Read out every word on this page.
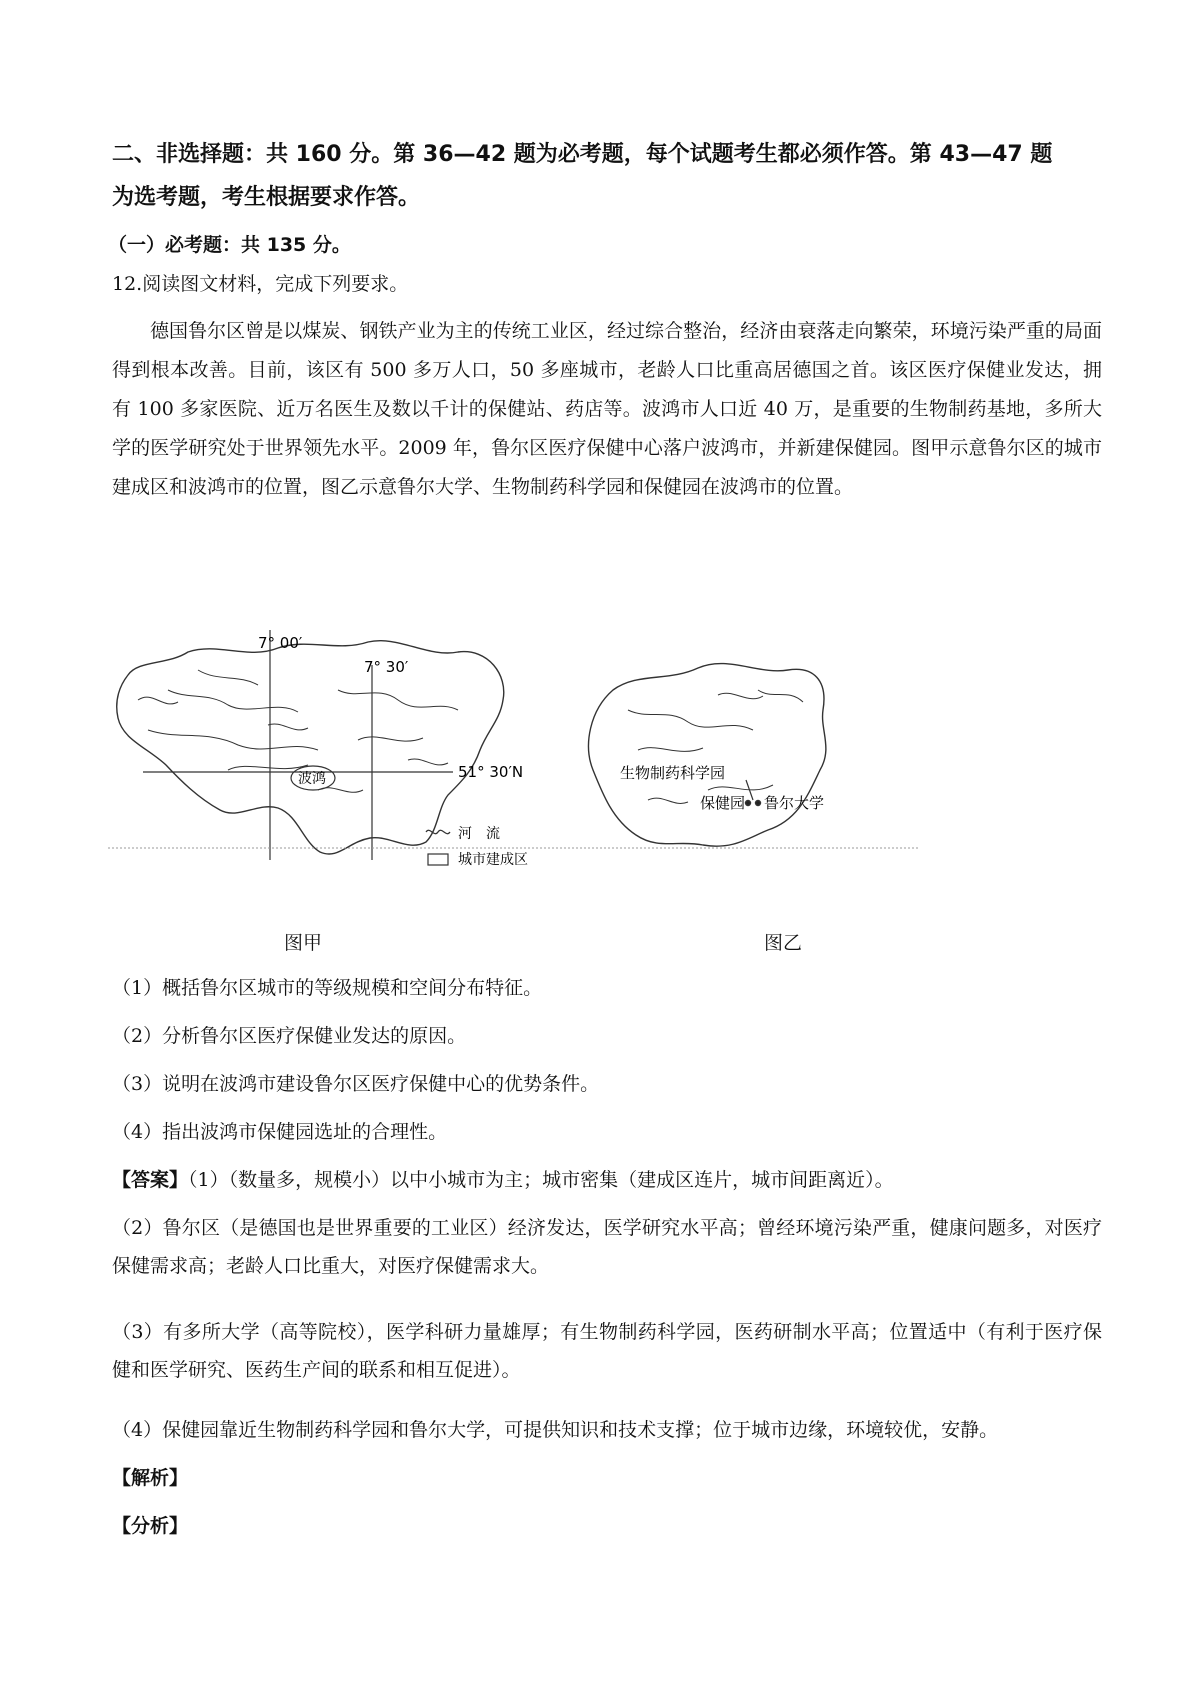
二、非选择题：共 160 分。第 36—42 题为必考题，每个试题考生都必须作答。第 43—47 题
为选考题，考生根据要求作答。
（一）必考题：共 135 分。
12.阅读图文材料，完成下列要求。
德国鲁尔区曾是以煤炭、钢铁产业为主的传统工业区，经过综合整治，经济由衰落走向繁荣，环境污染严重的局面得到根本改善。目前，该区有 500 多万人口，50 多座城市，老龄人口比重高居德国之首。该区医疗保健业发达，拥有 100 多家医院、近万名医生及数以千计的保健站、药店等。波鸿市人口近 40 万，是重要的生物制药基地，多所大学的医学研究处于世界领先水平。2009 年，鲁尔区医疗保健中心落户波鸿市，并新建保健园。图甲示意鲁尔区的城市建成区和波鸿市的位置，图乙示意鲁尔大学、生物制药科学园和保健园在波鸿市的位置。
7° 00′
7° 30′
51° 30′N
波鸿
河　流
城市建成区
生物制药科学园
保健园 鲁尔大学
图甲	图乙
（1）概括鲁尔区城市的等级规模和空间分布特征。
（2）分析鲁尔区医疗保健业发达的原因。
（3）说明在波鸿市建设鲁尔区医疗保健中心的优势条件。
（4）指出波鸿市保健园选址的合理性。
【答案】（1）（数量多，规模小）以中小城市为主；城市密集（建成区连片，城市间距离近）。
（2）鲁尔区（是德国也是世界重要的工业区）经济发达，医学研究水平高；曾经环境污染严重，健康问题多，对医疗保健需求高；老龄人口比重大，对医疗保健需求大。
（3）有多所大学（高等院校），医学科研力量雄厚；有生物制药科学园，医药研制水平高；位置适中（有利于医疗保健和医学研究、医药生产间的联系和相互促进）。
（4）保健园靠近生物制药科学园和鲁尔大学，可提供知识和技术支撑；位于城市边缘，环境较优，安静。
【解析】
【分析】
